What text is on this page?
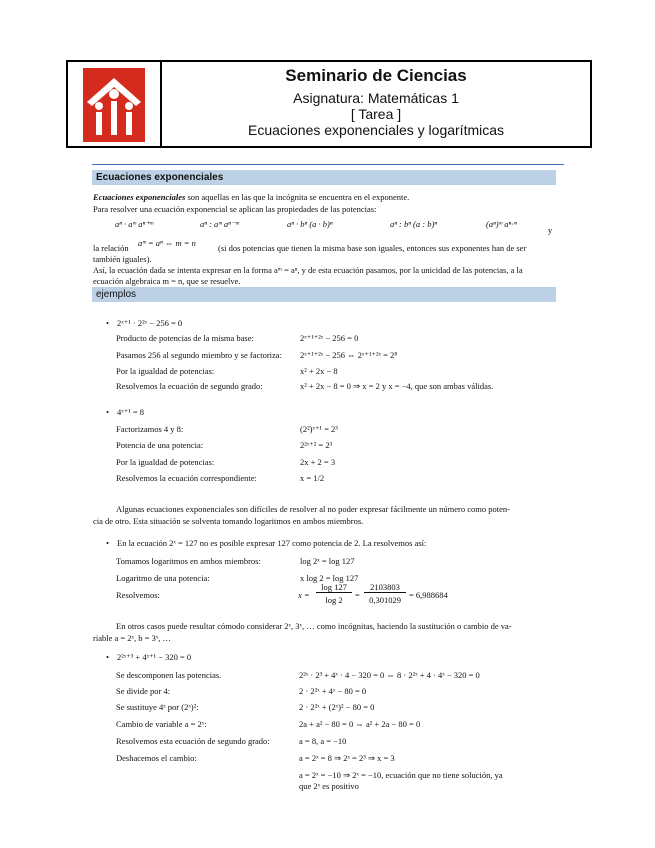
Seminario de Ciencias
Asignatura: Matemáticas 1
[ Tarea ]
Ecuaciones exponenciales y logarítmicas
Ecuaciones exponenciales
Ecuaciones exponenciales son aquellas en las que la incógnita se encuentra en el exponente.
Para resolver una ecuación exponencial se aplican las propiedades de las potencias:
aⁿ · aᵐ aⁿ⁺ᵐ	aⁿ : aᵐ aⁿ⁻ᵐ	aⁿ · bⁿ (a · b)ⁿ	aⁿ : bⁿ (a : b)ⁿ	(aⁿ)ᵐ aⁿ·ᵐ
y
la relación aᵐ = aⁿ ⇔ m = n	(si dos potencias que tienen la misma base son iguales, entonces sus exponentes han de ser
también iguales).
Así, la ecuación dada se intenta expresar en la forma aᵐ = aⁿ, y de esta ecuación pasamos, por la unicidad de las potencias, a la
ecuación algebraica m = n, que se resuelve.
ejemplos
• 2ˣ⁺¹ · 2²ˣ − 256 = 0
Producto de potencias de la misma base:	2ˣ⁺¹⁺²ˣ − 256 = 0
Pasamos 256 al segundo miembro y se factoriza: 2ˣ⁺¹⁺²ˣ − 256 ⇔ 2ˣ⁺¹⁺²ˣ = 2⁸
Por la igualdad de potencias:	x² + 2x − 8
Resolvemos la ecuación de segundo grado:	x² + 2x − 8 = 0 ⇒ x = 2 y x = −4, que son ambas válidas.
• 4ˣ⁺¹ = 8
Factorizamos 4 y 8:	(2²)ˣ⁺¹ = 2³
Potencia de una potencia:	2²ˣ⁺² = 2³
Por la igualdad de potencias:	2x + 2 = 3
Resolvemos la ecuación correspondiente:	x = 1/2
Algunas ecuaciones exponenciales son difíciles de resolver al no poder expresar fácilmente un número como poten-
cia de otro. Esta situación se solventa tomando logaritmos en ambos miembros.
• En la ecuación 2ˣ = 127 no es posible expresar 127 como potencia de 2. La resolvemos así:
Tomamos logaritmos en ambos miembros:	log 2ˣ = log 127
Logaritmo de una potencia:	x log 2 = log 127
Resolvemos:	x =
log 127
log 2	=
2103803
0,301029 = 6,988684
En otros casos puede resultar cómodo considerar 2ˣ, 3ˣ, … como incógnitas, haciendo la sustitución o cambio de va-
riable a = 2ˣ, b = 3ˣ, …
• 2²ˣ⁺³ + 4ˣ⁺¹ − 320 = 0
Se descomponen las potencias.	2²ˣ · 2³ + 4ˣ · 4 − 320 = 0 ⇔ 8 · 2²ˣ + 4 · 4ˣ − 320 = 0
Se divide por 4:	2 · 2²ˣ + 4ˣ − 80 = 0
Se sustituye 4ˣ por (2ˣ)²:	2 · 2²ˣ + (2ˣ)² − 80 = 0
Cambio de variable a = 2ˣ:	2a + a² − 80 = 0 ⇔ a² + 2a − 80 = 0
Resolvemos esta ecuación de segundo grado:	a = 8, a = −10
Deshacemos el cambio:	a = 2ˣ = 8 ⇒ 2ˣ = 2³ ⇒ x = 3
a = 2ˣ = −10 ⇒ 2ˣ = −10, ecuación que no tiene solución, ya
que 2ˣ es positivo
